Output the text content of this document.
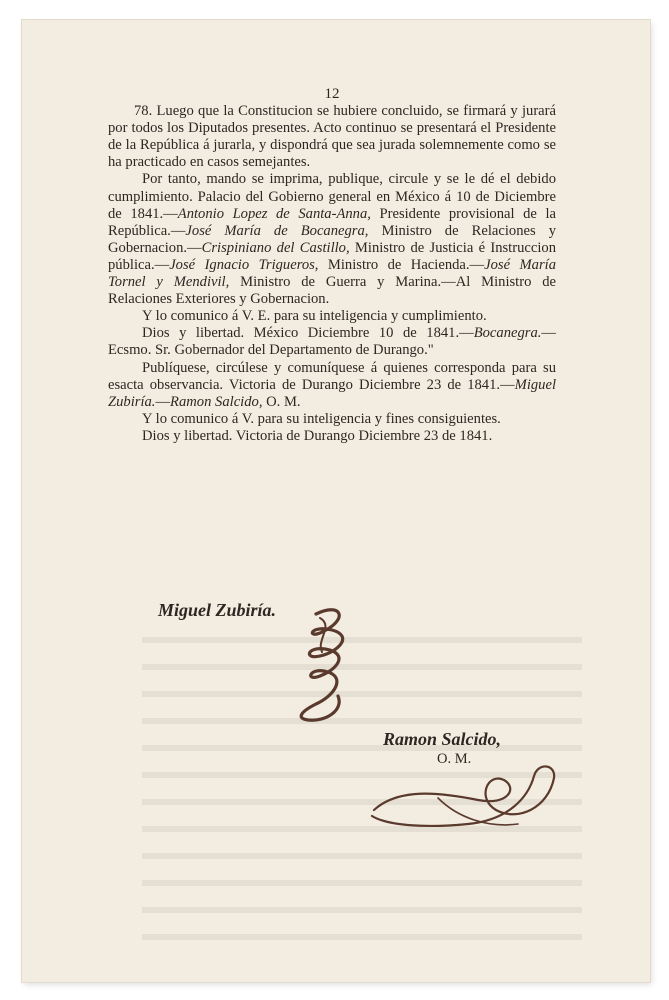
12

78. Luego que la Constitucion se hubiere concluido, se firmará y jurará por todos los Diputados presentes. Acto continuo se presentará el Presidente de la República á jurarla, y dispondrá que sea jurada solemnemente como se ha practicado en casos semejantes.

Por tanto, mando se imprima, publique, circule y se le dé el debido cumplimiento. Palacio del Gobierno general en México á 10 de Diciembre de 1841.—Antonio Lopez de Santa-Anna, Presidente provisional de la República.—José María de Bocanegra, Ministro de Relaciones y Gobernacion.—Crispiniano del Castillo, Ministro de Justicia é Instruccion pública.—José Ignacio Trigueros, Ministro de Hacienda.—José María Tornel y Mendivil, Ministro de Guerra y Marina.—Al Ministro de Relaciones Exteriores y Gobernacion.

Y lo comunico á V. E. para su inteligencia y cumplimiento.

Dios y libertad. México Diciembre 10 de 1841.—Bocanegra.—Ecsmo. Sr. Gobernador del Departamento de Durango."

Publíquese, circúlese y comuníquese á quienes corresponda para su esacta observancia. Victoria de Durango Diciembre 23 de 1841.—Miguel Zubiría.—Ramon Salcido, O. M.

Y lo comunico á V. para su inteligencia y fines consiguientes.

Dios y libertad. Victoria de Durango Diciembre 23 de 1841.

Miguel Zubiría.
Ramon Salcido,
O. M.
